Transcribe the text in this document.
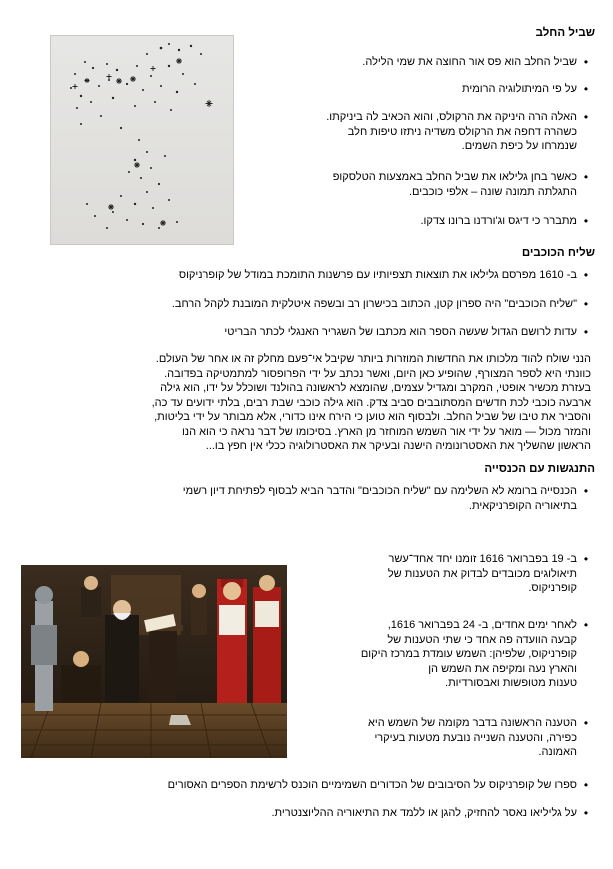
שביל החלב
•
שביל החלב הוא פס אור החוצה את שמי הלילה.
•
על פי המיתולוגיה הרומית
•
האלה הרה היניקה את הרקולס, והוא הכאיב לה ביניקתו.
כשהרה דחפה את הרקולס משדיה ניתזו טיפות חלב
שנמרחו על כיפת השמים.
•
כאשר בחן גלילאו את שביל החלב באמצעות הטלסקופ
התגלתה תמונה שונה – אלפי כוכבים.
•
מתברר כי דיגס וג'ורדנו ברונו צדקו.
שליח הכוכבים
•
ב- 1610 מפרסם גלילאו את תוצאות תצפיותיו עם פרשנות התומכת במודל של קופרניקוס
•
"שליח הכוכבים" היה ספרון קטן, הכתוב בכישרון רב ובשפה איטלקית המובנת לקהל הרחב.
•
עדות לרושם הגדול שעשה הספר הוא מכתבו של השגריר האנגלי לכתר הבריטי
הנני שולח להוד מלכותו את החדשות המוזרות ביותר שקיבל אי־פעם מחלק זה או אחר של העולם.
כוונתי היא לספר המצורף, שהופיע כאן היום, ואשר נכתב על ידי הפרופסור למתמטיקה בפדובה.
בעזרת מכשיר אופטי, המקרב ומגדיל עצמים, שהומצא לראשונה בהולנד ושוכלל על ידו, הוא גילה
ארבעה כוכבי לכת חדשים המסתובבים סביב צדק. הוא גילה כוכבי שבת רבים, בלתי ידועים עד כה,
והסביר את טיבו של שביל החלב. ולבסוף הוא טוען כי הירח אינו כדורי, אלא מבותר על ידי בליטות,
והמזר מכול — מואר על ידי אור השמש המוחזר מן הארץ. בסיכומו של דבר נראה כי הוא הנו
הראשון שהשליך את האסטרונומיה הישנה ובעיקר את האסטרולוגיה ככלי אין חפץ בו...
התנגשות עם הכנסייה
•
הכנסייה ברומא לא השלימה עם "שליח הכוכבים" והדבר הביא לבסוף לפתיחת דיון רשמי
בתיאוריה הקופרניקאית.
•
ב- 19 בפברואר 1616 זומנו יחד אחד־עשר
תיאולוגים מכובדים לבדוק את הטענות של
קופרניקוס.
•
לאחר ימים אחדים, ב- 24 בפברואר 1616,
קבעה הוועדה פה אחד כי שתי הטענות של
קופרניקוס, שלפיהן: השמש עומדת במרכז היקום
והארץ נעה ומקיפה את השמש הן
טענות מטופשות ואבסורדיות.
•
הטענה הראשונה בדבר מקומה של השמש היא
כפירה, והטענה השנייה נובעת מטעות בעיקרי
האמונה.
•
ספרו של קופרניקוס על הסיבובים של הכדורים השמימיים הוכנס לרשימת הספרים האסורים
•
על גליליאו נאסר להחזיק, להגן או ללמד את התיאוריה ההליוצנטרית.
